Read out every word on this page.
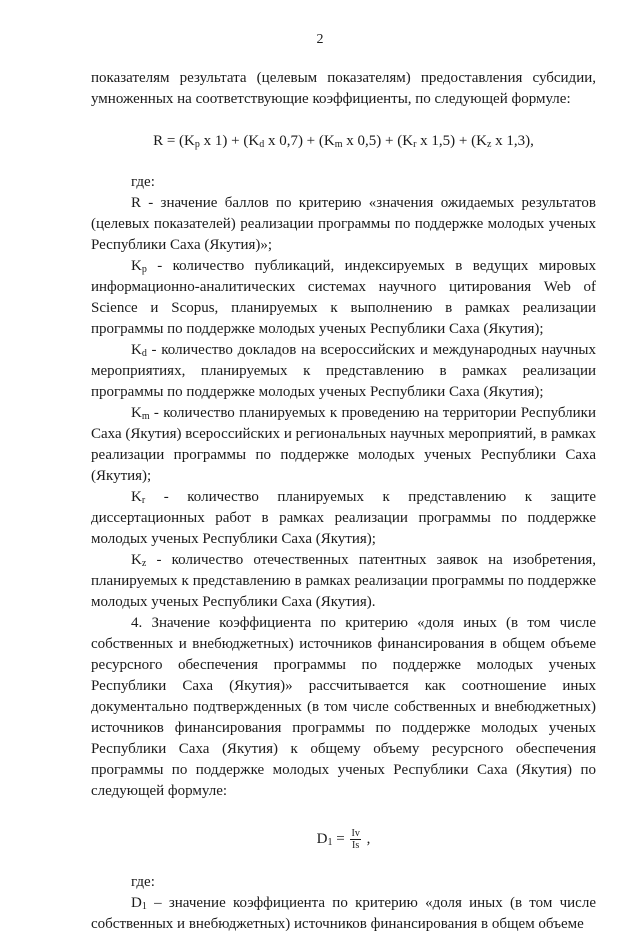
2

показателям результата (целевым показателям) предоставления субсидии, умноженных на соответствующие коэффициенты, по следующей формуле:

$R = (K_p$ x $1) + (K_d$ x $0,7) + (K_m$ x $0,5) + (K_r$ x $1,5) + (K_z$ x 1,3),

где:

R - значение баллов по критерию «значения ожидаемых результатов (целевых показателей) реализации программы по поддержке молодых ученых Республики Саха (Якутия)»;

$K_p$ - количество публикаций, индексируемых в ведущих мировых информационно-аналитических системах научного цитирования Web of Science и Scopus, планируемых к выполнению в рамках реализации программы по поддержке молодых ученых Республики Саха (Якутия);

$K_d$ - количество докладов на всероссийских и международных научных мероприятиях, планируемых к представлению в рамках реализации программы по поддержке молодых ученых Республики Саха (Якутия);

$K_m$ - количество планируемых к проведению на территории Республики Саха (Якутия) всероссийских и региональных научных мероприятий, в рамках реализации программы по поддержке молодых ученых Республики Саха (Якутия);

$K_r$ - количество планируемых к представлению к защите диссертационных работ в рамках реализации программы по поддержке молодых ученых Республики Саха (Якутия);

$K_z$ - количество отечественных патентных заявок на изобретения, планируемых к представлению в рамках реализации программы по поддержке молодых ученых Республики Саха (Якутия).

4. Значение коэффициента по критерию «доля иных (в том числе собственных и внебюджетных) источников финансирования в общем объеме ресурсного обеспечения программы по поддержке молодых ученых Республики Саха (Якутия)» рассчитывается как соотношение иных документально подтвержденных (в том числе собственных и внебюджетных) источников финансирования программы по поддержке молодых ученых Республики Саха (Якутия) к общему объему ресурсного обеспечения программы по поддержке молодых ученых Республики Саха (Якутия) по следующей формуле:

$D_1 = \frac{Iv}{Is}$ ,

где:

$D_1$ – значение коэффициента по критерию «доля иных (в том числе собственных и внебюджетных) источников финансирования в общем объеме
